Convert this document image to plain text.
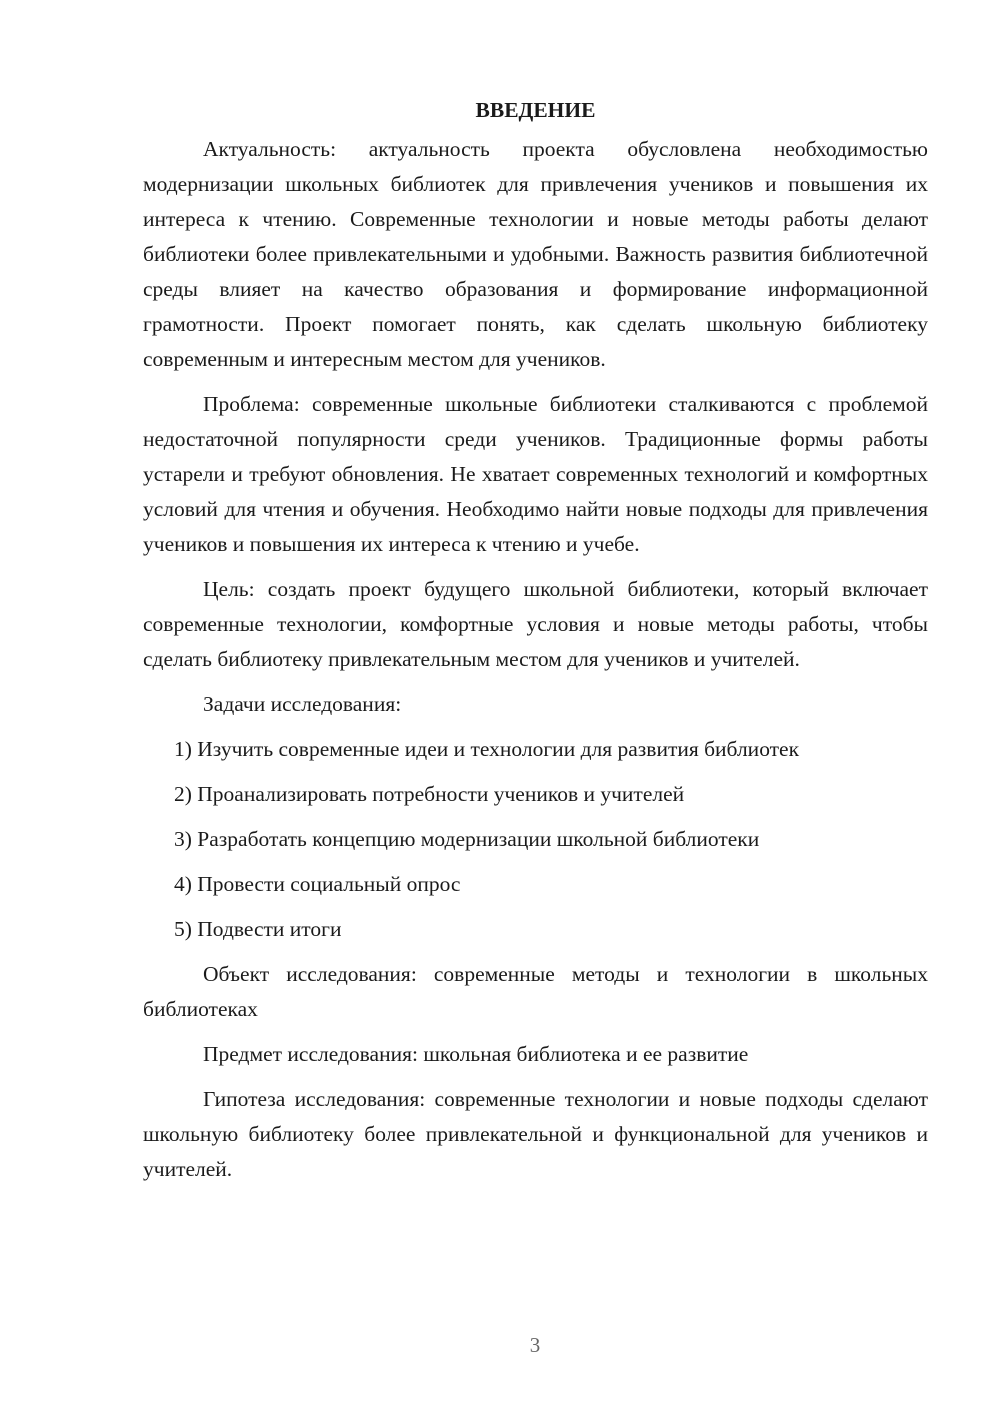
ВВЕДЕНИЕ

Актуальность: актуальность проекта обусловлена необходимостью модернизации школьных библиотек для привлечения учеников и повышения их интереса к чтению. Современные технологии и новые методы работы делают библиотеки более привлекательными и удобными. Важность развития библиотечной среды влияет на качество образования и формирование информационной грамотности. Проект помогает понять, как сделать школьную библиотеку современным и интересным местом для учеников.

Проблема: современные школьные библиотеки сталкиваются с проблемой недостаточной популярности среди учеников. Традиционные формы работы устарели и требуют обновления. Не хватает современных технологий и комфортных условий для чтения и обучения. Необходимо найти новые подходы для привлечения учеников и повышения их интереса к чтению и учебе.

Цель: создать проект будущего школьной библиотеки, который включает современные технологии, комфортные условия и новые методы работы, чтобы сделать библиотеку привлекательным местом для учеников и учителей.

Задачи исследования:

1) Изучить современные идеи и технологии для развития библиотек
2) Проанализировать потребности учеников и учителей
3) Разработать концепцию модернизации школьной библиотеки
4) Провести социальный опрос
5) Подвести итоги

Объект исследования: современные методы и технологии в школьных библиотеках

Предмет исследования: школьная библиотека и ее развитие

Гипотеза исследования: современные технологии и новые подходы сделают школьную библиотеку более привлекательной и функциональной для учеников и учителей.

3
